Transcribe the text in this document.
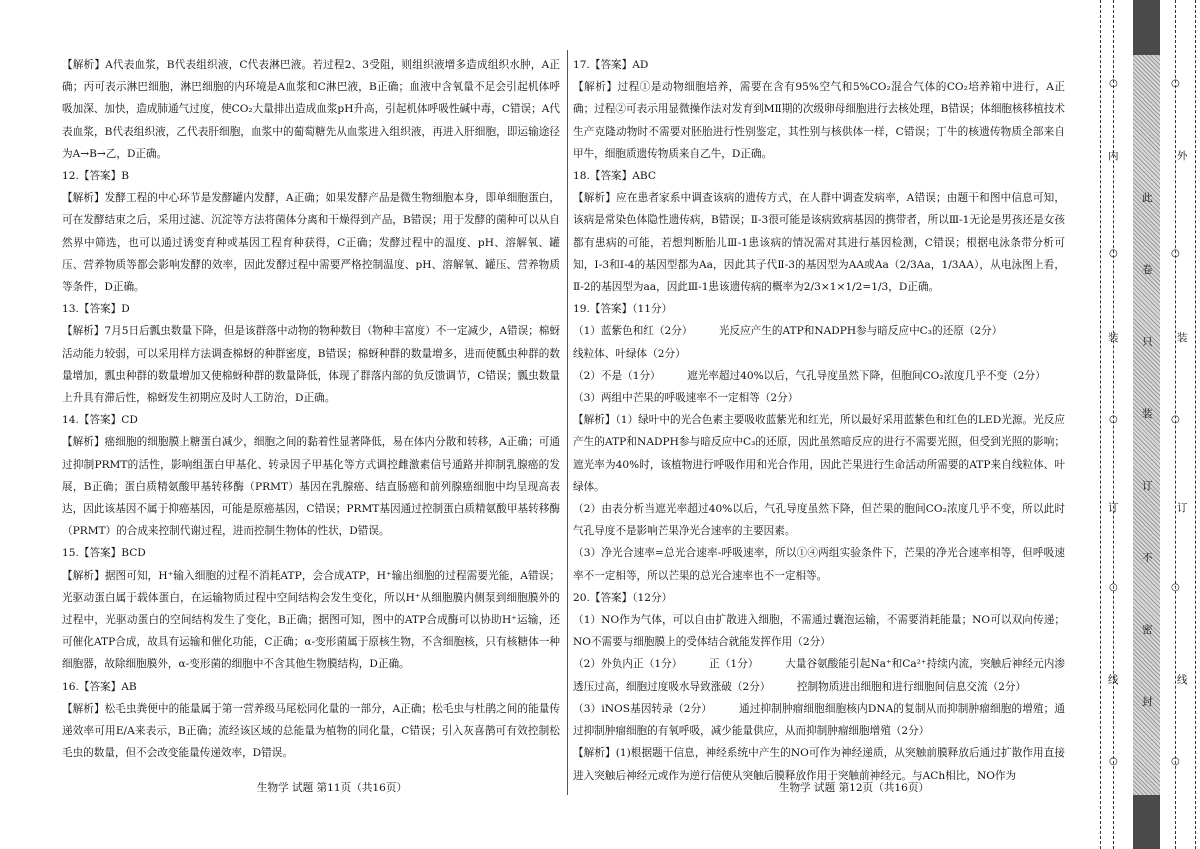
【解析】A代表血浆，B代表组织液，C代表淋巴液。若过程2、3受阻，则组织液增多造成组织水肿，A正确；丙可表示淋巴细胞，淋巴细胞的内环境是A血浆和C淋巴液，B正确；血液中含氧量不足会引起机体呼吸加深、加快，造成肺通气过度，使CO₂大量排出造成血浆pH升高，引起机体呼吸性碱中毒，C错误；A代表血浆，B代表组织液，乙代表肝细胞，血浆中的葡萄糖先从血浆进入组织液，再进入肝细胞，即运输途径为A→B→乙，D正确。

12.【答案】B

【解析】发酵工程的中心环节是发酵罐内发酵，A正确；如果发酵产品是微生物细胞本身，即单细胞蛋白，可在发酵结束之后，采用过滤、沉淀等方法将菌体分离和干燥得到产品，B错误；用于发酵的菌种可以从自然界中筛选，也可以通过诱变育种或基因工程育种获得，C正确；发酵过程中的温度、pH、溶解氧、罐压、营养物质等都会影响发酵的效率，因此发酵过程中需要严格控制温度、pH、溶解氧、罐压、营养物质等条件，D正确。

13.【答案】D

【解析】7月5日后瓢虫数量下降，但是该群落中动物的物种数目（物种丰富度）不一定减少，A错误；棉蚜活动能力较弱，可以采用样方法调查棉蚜的种群密度，B错误；棉蚜种群的数量增多，进而使瓢虫种群的数量增加，瓢虫种群的数量增加又使棉蚜种群的数量降低，体现了群落内部的负反馈调节，C错误；瓢虫数量上升具有滞后性，棉蚜发生初期应及时人工防治，D正确。

14.【答案】CD

【解析】癌细胞的细胞膜上糖蛋白减少，细胞之间的黏着性显著降低，易在体内分散和转移，A正确；可通过抑制PRMT的活性，影响组蛋白甲基化、转录因子甲基化等方式调控雌激素信号通路并抑制乳腺癌的发展，B正确；蛋白质精氨酸甲基转移酶（PRMT）基因在乳腺癌、结直肠癌和前列腺癌细胞中均呈现高表达，因此该基因不属于抑癌基因，可能是原癌基因，C错误；PRMT基因通过控制蛋白质精氨酸甲基转移酶（PRMT）的合成来控制代谢过程，进而控制生物体的性状，D错误。

15.【答案】BCD

【解析】据图可知，H⁺输入细胞的过程不消耗ATP，会合成ATP，H⁺输出细胞的过程需要光能，A错误；光驱动蛋白属于载体蛋白，在运输物质过程中空间结构会发生变化，所以H⁺从细胞膜内侧泵到细胞膜外的过程中，光驱动蛋白的空间结构发生了变化，B正确；据图可知，图中的ATP合成酶可以协助H⁺运输，还可催化ATP合成，故具有运输和催化功能，C正确；α-变形菌属于原核生物，不含细胞核，只有核糖体一种细胞器，故除细胞膜外，α-变形菌的细胞中不含其他生物膜结构，D正确。

16.【答案】AB

【解析】松毛虫粪便中的能量属于第一营养级马尾松同化量的一部分，A正确；松毛虫与杜鹃之间的能量传递效率可用E/A来表示，B正确；流经该区域的总能量为植物的同化量，C错误；引入灰喜鹊可有效控制松毛虫的数量，但不会改变能量传递效率，D错误。

17.【答案】AD

【解析】过程①是动物细胞培养，需要在含有95%空气和5%CO₂混合气体的CO₂培养箱中进行，A正确；过程②可表示用显微操作法对发育到MⅡ期的次级卵母细胞进行去核处理，B错误；体细胞核移植技术生产克隆动物时不需要对胚胎进行性别鉴定，其性别与核供体一样，C错误；丁牛的核遗传物质全部来自甲牛，细胞质遗传物质来自乙牛，D正确。

18.【答案】ABC

【解析】应在患者家系中调查该病的遗传方式，在人群中调查发病率，A错误；由题干和图中信息可知，该病是常染色体隐性遗传病，B错误；Ⅱ-3很可能是该病致病基因的携带者，所以Ⅲ-1无论是男孩还是女孩都有患病的可能，若想判断胎儿Ⅲ-1患该病的情况需对其进行基因检测，C错误；根据电泳条带分析可知，Ⅰ-3和Ⅰ-4的基因型都为Aa，因此其子代Ⅱ-3的基因型为AA或Aa（2/3Aa，1/3AA），从电泳图上看，Ⅱ-2的基因型为aa，因此Ⅲ-1患该遗传病的概率为2/3×1×1/2=1/3，D正确。

19.【答案】（11分）

（1）蓝紫色和红（2分）　　　光反应产生的ATP和NADPH参与暗反应中C₃的还原（2分）

线粒体、叶绿体（2分）

（2）不是（1分）　　　遮光率超过40%以后，气孔导度虽然下降，但胞间CO₂浓度几乎不变（2分）

（3）两组中芒果的呼吸速率不一定相等（2分）

【解析】（1）绿叶中的光合色素主要吸收蓝紫光和红光，所以最好采用蓝紫色和红色的LED光源。光反应产生的ATP和NADPH参与暗反应中C₃的还原，因此虽然暗反应的进行不需要光照，但受到光照的影响；遮光率为40%时，该植物进行呼吸作用和光合作用，因此芒果进行生命活动所需要的ATP来自线粒体、叶绿体。

（2）由表分析当遮光率超过40%以后，气孔导度虽然下降，但芒果的胞间CO₂浓度几乎不变，所以此时气孔导度不是影响芒果净光合速率的主要因素。

（3）净光合速率=总光合速率-呼吸速率，所以①④两组实验条件下，芒果的净光合速率相等，但呼吸速率不一定相等，所以芒果的总光合速率也不一定相等。

20.【答案】（12分）

（1）NO作为气体，可以自由扩散进入细胞，不需通过囊泡运输，不需要消耗能量；NO可以双向传递；NO不需要与细胞膜上的受体结合就能发挥作用（2分）

（2）外负内正（1分）　　　正（1分）　　　大量谷氨酸能引起Na⁺和Ca²⁺持续内流，突触后神经元内渗透压过高，细胞过度吸水导致涨破（2分）　　　控制物质进出细胞和进行细胞间信息交流（2分）

（3）iNOS基因转录（2分）　　　通过抑制肿瘤细胞细胞核内DNA的复制从而抑制肿瘤细胞的增殖；通过抑制肿瘤细胞的有氧呼吸，减少能量供应，从而抑制肿瘤细胞增殖（2分）

【解析】(1)根据题干信息，神经系统中产生的NO可作为神经递质，从突触前膜释放后通过扩散作用直接进入突触后神经元或作为逆行信使从突触后膜释放作用于突触前神经元。与ACh相比，NO作为

生物学 试题 第11页（共16页）	生物学 试题 第12页（共16页）
内
装
订
线
此
卷
只
装
订
不
密
封
外
装
订
线
○	○
○	○
○	○
○	○
○	○
